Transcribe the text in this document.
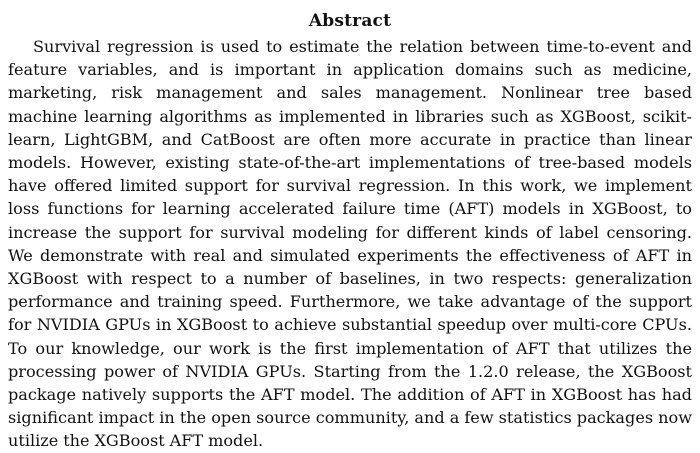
Abstract

Survival regression is used to estimate the relation between time-to-event and feature variables, and is important in application domains such as medicine, marketing, risk management and sales management. Nonlinear tree based machine learning algorithms as implemented in libraries such as XGBoost, scikit-learn, LightGBM, and CatBoost are often more accurate in practice than linear models. However, existing state-of-the-art implementations of tree-based models have offered limited support for survival regression. In this work, we implement loss functions for learning accelerated failure time (AFT) models in XGBoost, to increase the support for survival modeling for different kinds of label censoring. We demonstrate with real and simulated experiments the effectiveness of AFT in XGBoost with respect to a number of baselines, in two respects: generalization performance and training speed. Furthermore, we take advantage of the support for NVIDIA GPUs in XGBoost to achieve substantial speedup over multi-core CPUs. To our knowledge, our work is the first implementation of AFT that utilizes the processing power of NVIDIA GPUs. Starting from the 1.2.0 release, the XGBoost package natively supports the AFT model. The addition of AFT in XGBoost has had significant impact in the open source community, and a few statistics packages now utilize the XGBoost AFT model.
